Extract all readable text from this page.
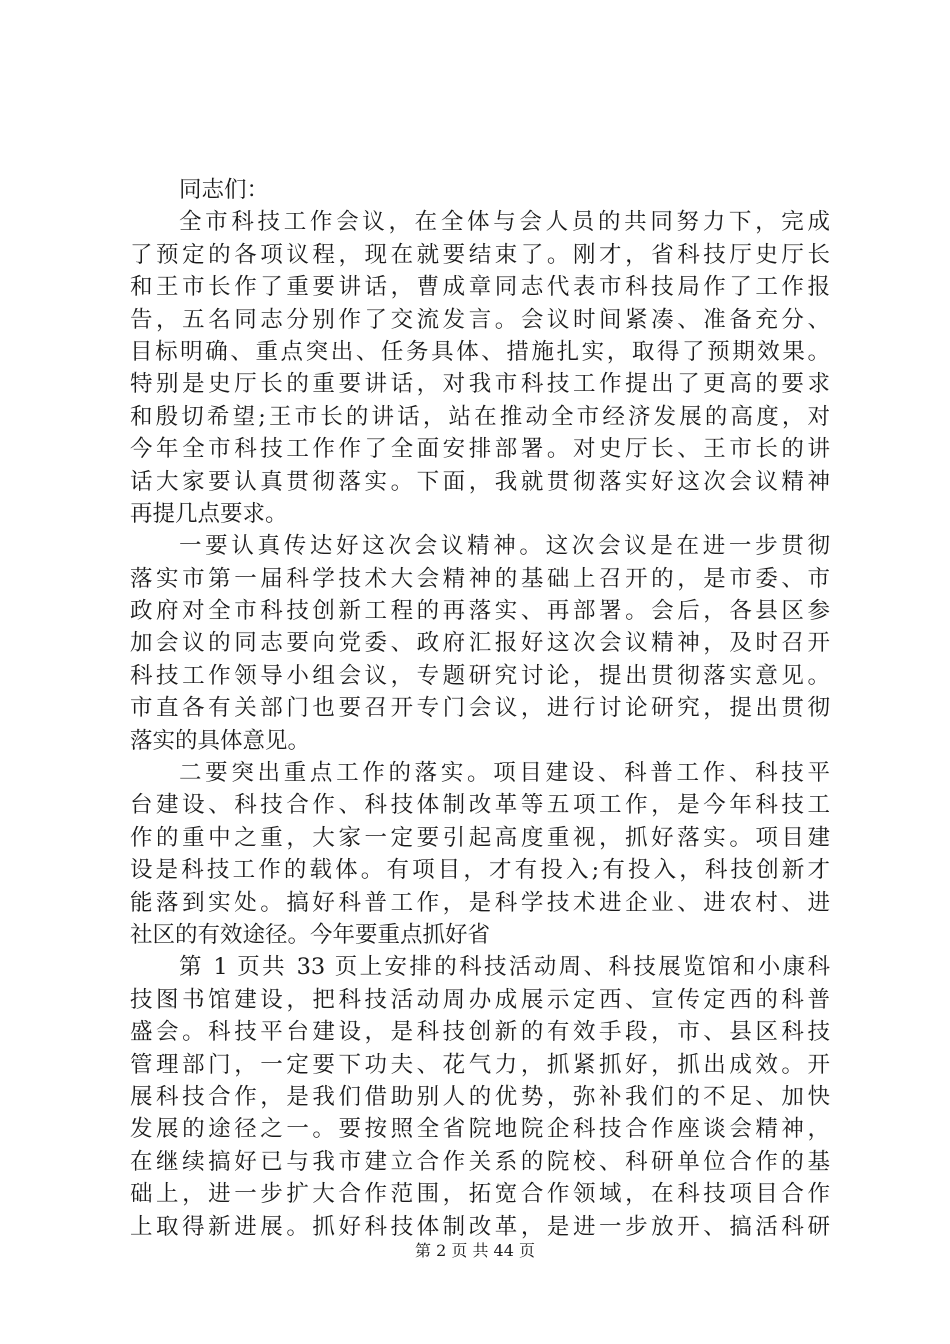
同志们：
全市科技工作会议，在全体与会人员的共同努力下，完成
了预定的各项议程，现在就要结束了。刚才，省科技厅史厅长
和王市长作了重要讲话，曹成章同志代表市科技局作了工作报
告，五名同志分别作了交流发言。会议时间紧凑、准备充分、
目标明确、重点突出、任务具体、措施扎实，取得了预期效果。
特别是史厅长的重要讲话，对我市科技工作提出了更高的要求
和殷切希望;王市长的讲话，站在推动全市经济发展的高度，对
今年全市科技工作作了全面安排部署。对史厅长、王市长的讲
话大家要认真贯彻落实。下面，我就贯彻落实好这次会议精神
再提几点要求。
一要认真传达好这次会议精神。这次会议是在进一步贯彻
落实市第一届科学技术大会精神的基础上召开的，是市委、市
政府对全市科技创新工程的再落实、再部署。会后，各县区参
加会议的同志要向党委、政府汇报好这次会议精神，及时召开
科技工作领导小组会议，专题研究讨论，提出贯彻落实意见。
市直各有关部门也要召开专门会议，进行讨论研究，提出贯彻
落实的具体意见。
二要突出重点工作的落实。项目建设、科普工作、科技平
台建设、科技合作、科技体制改革等五项工作，是今年科技工
作的重中之重，大家一定要引起高度重视，抓好落实。项目建
设是科技工作的载体。有项目，才有投入;有投入，科技创新才
能落到实处。搞好科普工作，是科学技术进企业、进农村、进
社区的有效途径。今年要重点抓好省
第 1 页共 33 页上安排的科技活动周、科技展览馆和小康科
技图书馆建设，把科技活动周办成展示定西、宣传定西的科普
盛会。科技平台建设，是科技创新的有效手段，市、县区科技
管理部门，一定要下功夫、花气力，抓紧抓好，抓出成效。开
展科技合作，是我们借助别人的优势，弥补我们的不足、加快
发展的途径之一。要按照全省院地院企科技合作座谈会精神，
在继续搞好已与我市建立合作关系的院校、科研单位合作的基
础上，进一步扩大合作范围，拓宽合作领域，在科技项目合作
上取得新进展。抓好科技体制改革，是进一步放开、搞活科研
第 2 页 共 44 页
